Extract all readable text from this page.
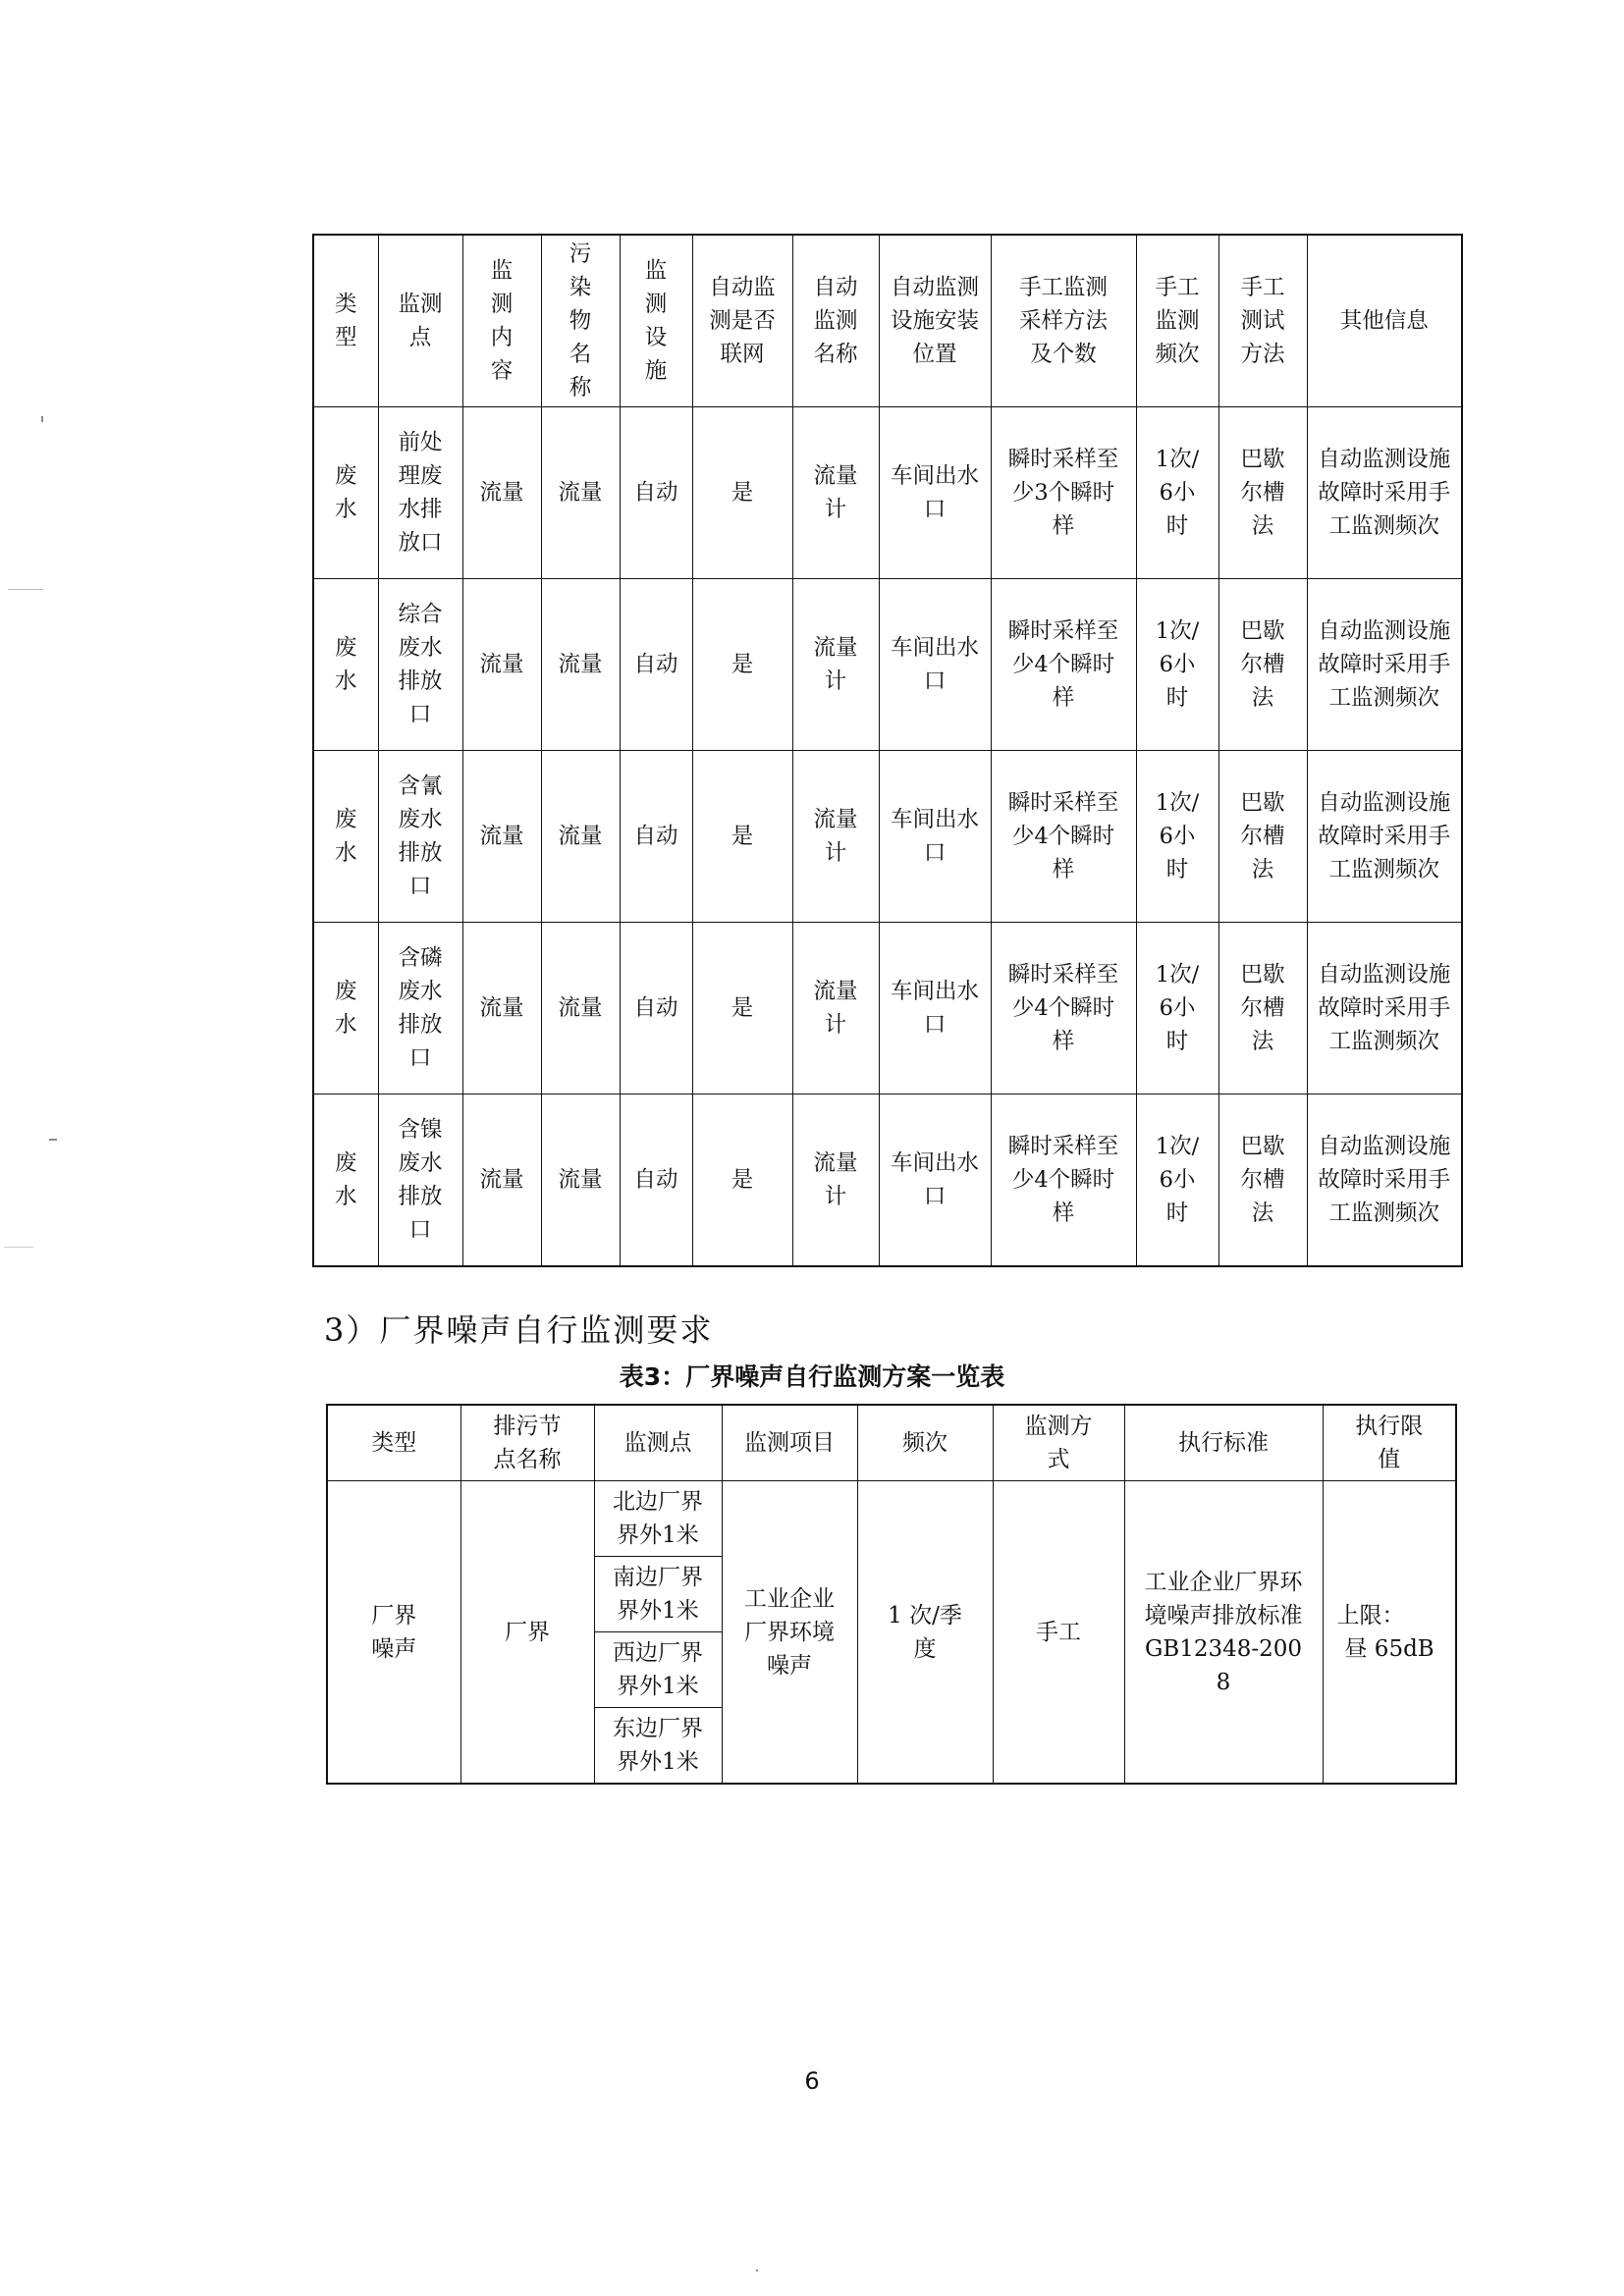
类型	监测点	监测内容	污染物名称	监测设施	自动监测是否联网	自动监测名称	自动监测设施安装位置	手工监测采样方法及个数	手工监测频次	手工测试方法	其他信息
废水	前处理废水排放口	流量	流量	自动	是	流量计	车间出水口	瞬时采样至少3个瞬时样	1次/6小时	巴歇尔槽法	自动监测设施故障时采用手工监测频次
废水	综合废水排放口	流量	流量	自动	是	流量计	车间出水口	瞬时采样至少4个瞬时样	1次/6小时	巴歇尔槽法	自动监测设施故障时采用手工监测频次
废水	含氰废水排放口	流量	流量	自动	是	流量计	车间出水口	瞬时采样至少4个瞬时样	1次/6小时	巴歇尔槽法	自动监测设施故障时采用手工监测频次
废水	含磷废水排放口	流量	流量	自动	是	流量计	车间出水口	瞬时采样至少4个瞬时样	1次/6小时	巴歇尔槽法	自动监测设施故障时采用手工监测频次
废水	含镍废水排放口	流量	流量	自动	是	流量计	车间出水口	瞬时采样至少4个瞬时样	1次/6小时	巴歇尔槽法	自动监测设施故障时采用手工监测频次
3）厂界噪声自行监测要求
表3：厂界噪声自行监测方案一览表
类型	排污节点名称	监测点	监测项目	频次	监测方式	执行标准	执行限值
厂界噪声	厂界	北边厂界界外1米	工业企业厂界环境噪声	1 次/季度	手工	工业企业厂界环境噪声排放标准 GB12348-2008	上限：
昼 65dB

		南边厂界界外1米					
		西边厂界界外1米					
		东边厂界界外1米					
6
